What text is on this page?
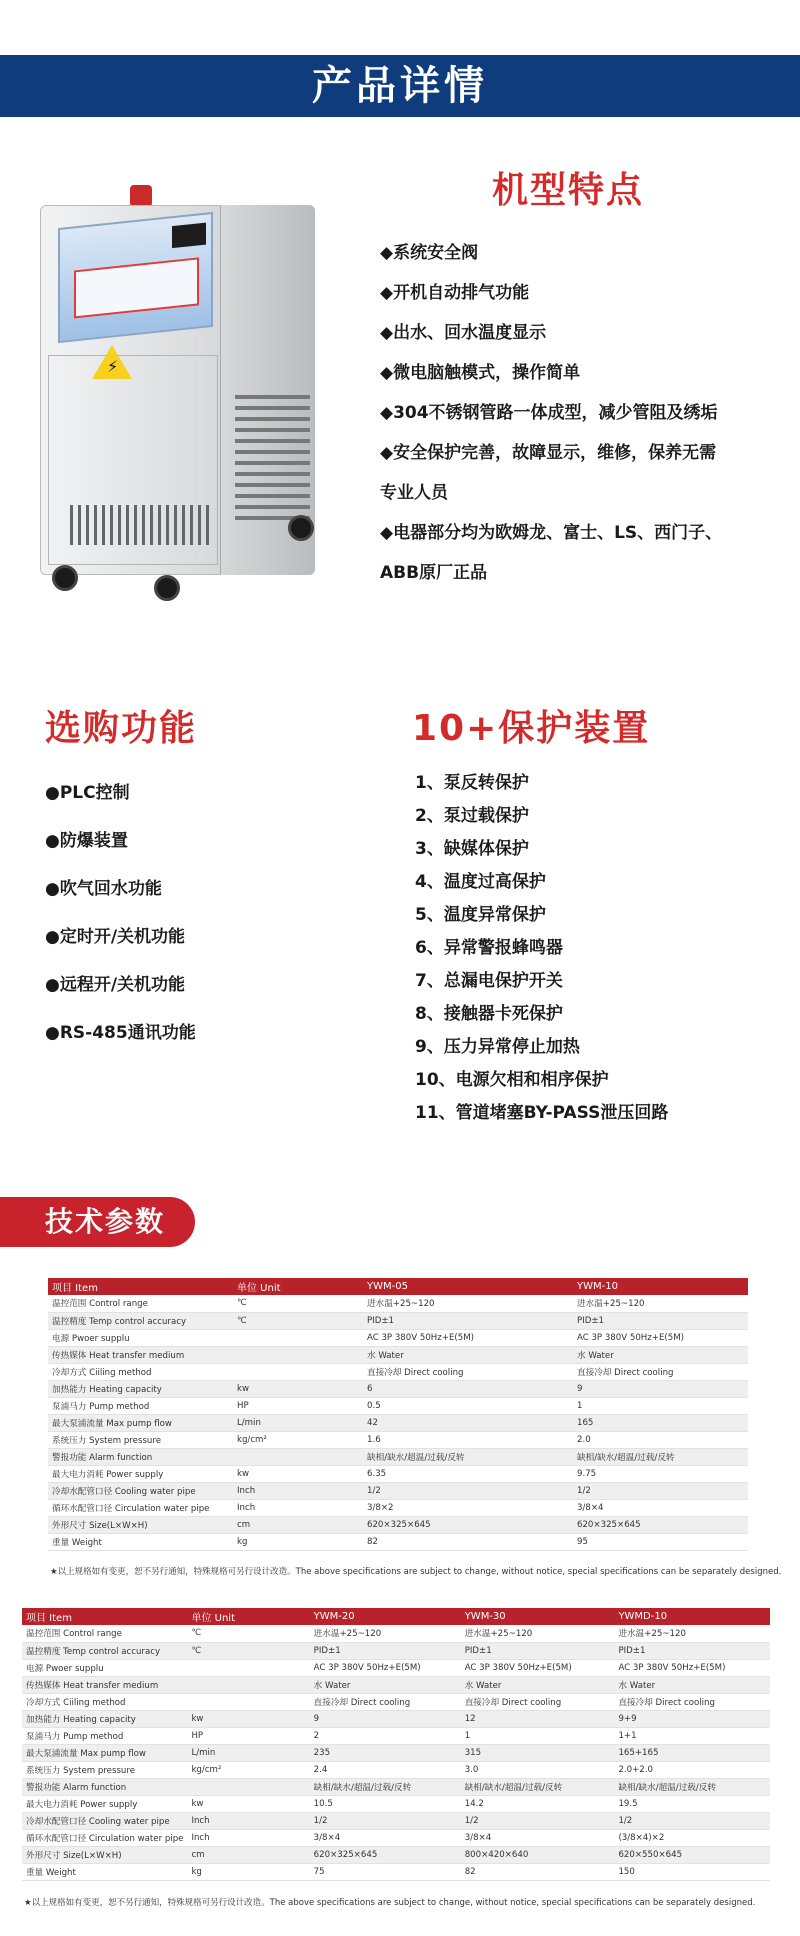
产品详情
⚡
机型特点
◆系统安全阀
◆开机自动排气功能
◆出水、回水温度显示
◆微电脑触模式，操作简单
◆304不锈钢管路一体成型，减少管阻及绣垢
◆安全保护完善，故障显示，维修，保养无需
专业人员
◆电器部分均为欧姆龙、富士、LS、西门子、
ABB原厂正品
选购功能
●PLC控制
●防爆装置
●吹气回水功能
●定时开/关机功能
●远程开/关机功能
●RS-485通讯功能
10+保护装置
1、泵反转保护
2、泵过载保护
3、缺媒体保护
4、温度过高保护
5、温度异常保护
6、异常警报蜂鸣器
7、总漏电保护开关
8、接触器卡死保护
9、压力异常停止加热
10、电源欠相和相序保护
11、管道堵塞BY-PASS泄压回路
技术参数
项目 Item	单位 Unit	YWM-05	YWM-10
温控范围 Control range	℃	进水温+25~120	进水温+25~120
温控精度 Temp control accuracy	℃	PID±1	PID±1
电源 Pwoer supplu		AC 3P 380V 50Hz+E(5M)	AC 3P 380V 50Hz+E(5M)
传热媒体 Heat transfer medium		水 Water	水 Water
冷却方式 Ciiling method		直接冷却 Direct cooling	直接冷却 Direct cooling
加热能力 Heating capacity	kw	6	9
泵浦马力 Pump method	HP	0.5	1
最大泵浦流量 Max pump flow	L/min	42	165
系统压力 System pressure	kg/cm²	1.6	2.0
警报功能 Alarm function		缺相/缺水/超温/过载/反转	缺相/缺水/超温/过载/反转
最大电力消耗 Power supply	kw	6.35	9.75
冷却水配管口径 Cooling water pipe	Inch	1/2	1/2
循环水配管口径 Circulation water pipe	Inch	3/8×2	3/8×4
外形尺寸 Size(L×W×H)	cm	620×325×645	620×325×645
重量 Weight	kg	82	95
★以上规格如有变更，恕不另行通知，特殊规格可另行设计改造。The above specifications are subject to change, without notice, special specifications can be separately designed.
项目 Item	单位 Unit	YWM-20	YWM-30	YWMD-10
温控范围 Control range	℃	进水温+25~120	进水温+25~120	进水温+25~120
温控精度 Temp control accuracy	℃	PID±1	PID±1	PID±1
电源 Pwoer supplu		AC 3P 380V 50Hz+E(5M)	AC 3P 380V 50Hz+E(5M)	AC 3P 380V 50Hz+E(5M)
传热媒体 Heat transfer medium		水 Water	水 Water	水 Water
冷却方式 Ciiling method		直接冷却 Direct cooling	直接冷却 Direct cooling	直接冷却 Direct cooling
加热能力 Heating capacity	kw	9	12	9+9
泵浦马力 Pump method	HP	2	1	1+1
最大泵浦流量 Max pump flow	L/min	235	315	165+165
系统压力 System pressure	kg/cm²	2.4	3.0	2.0+2.0
警报功能 Alarm function		缺相/缺水/超温/过载/反转	缺相/缺水/超温/过载/反转	缺相/缺水/超温/过载/反转
最大电力消耗 Power supply	kw	10.5	14.2	19.5
冷却水配管口径 Cooling water pipe	Inch	1/2	1/2	1/2
循环水配管口径 Circulation water pipe	Inch	3/8×4	3/8×4	(3/8×4)×2
外形尺寸 Size(L×W×H)	cm	620×325×645	800×420×640	620×550×645
重量 Weight	kg	75	82	150
★以上规格如有变更，恕不另行通知，特殊规格可另行设计改造。The above specifications are subject to change, without notice, special specifications can be separately designed.
